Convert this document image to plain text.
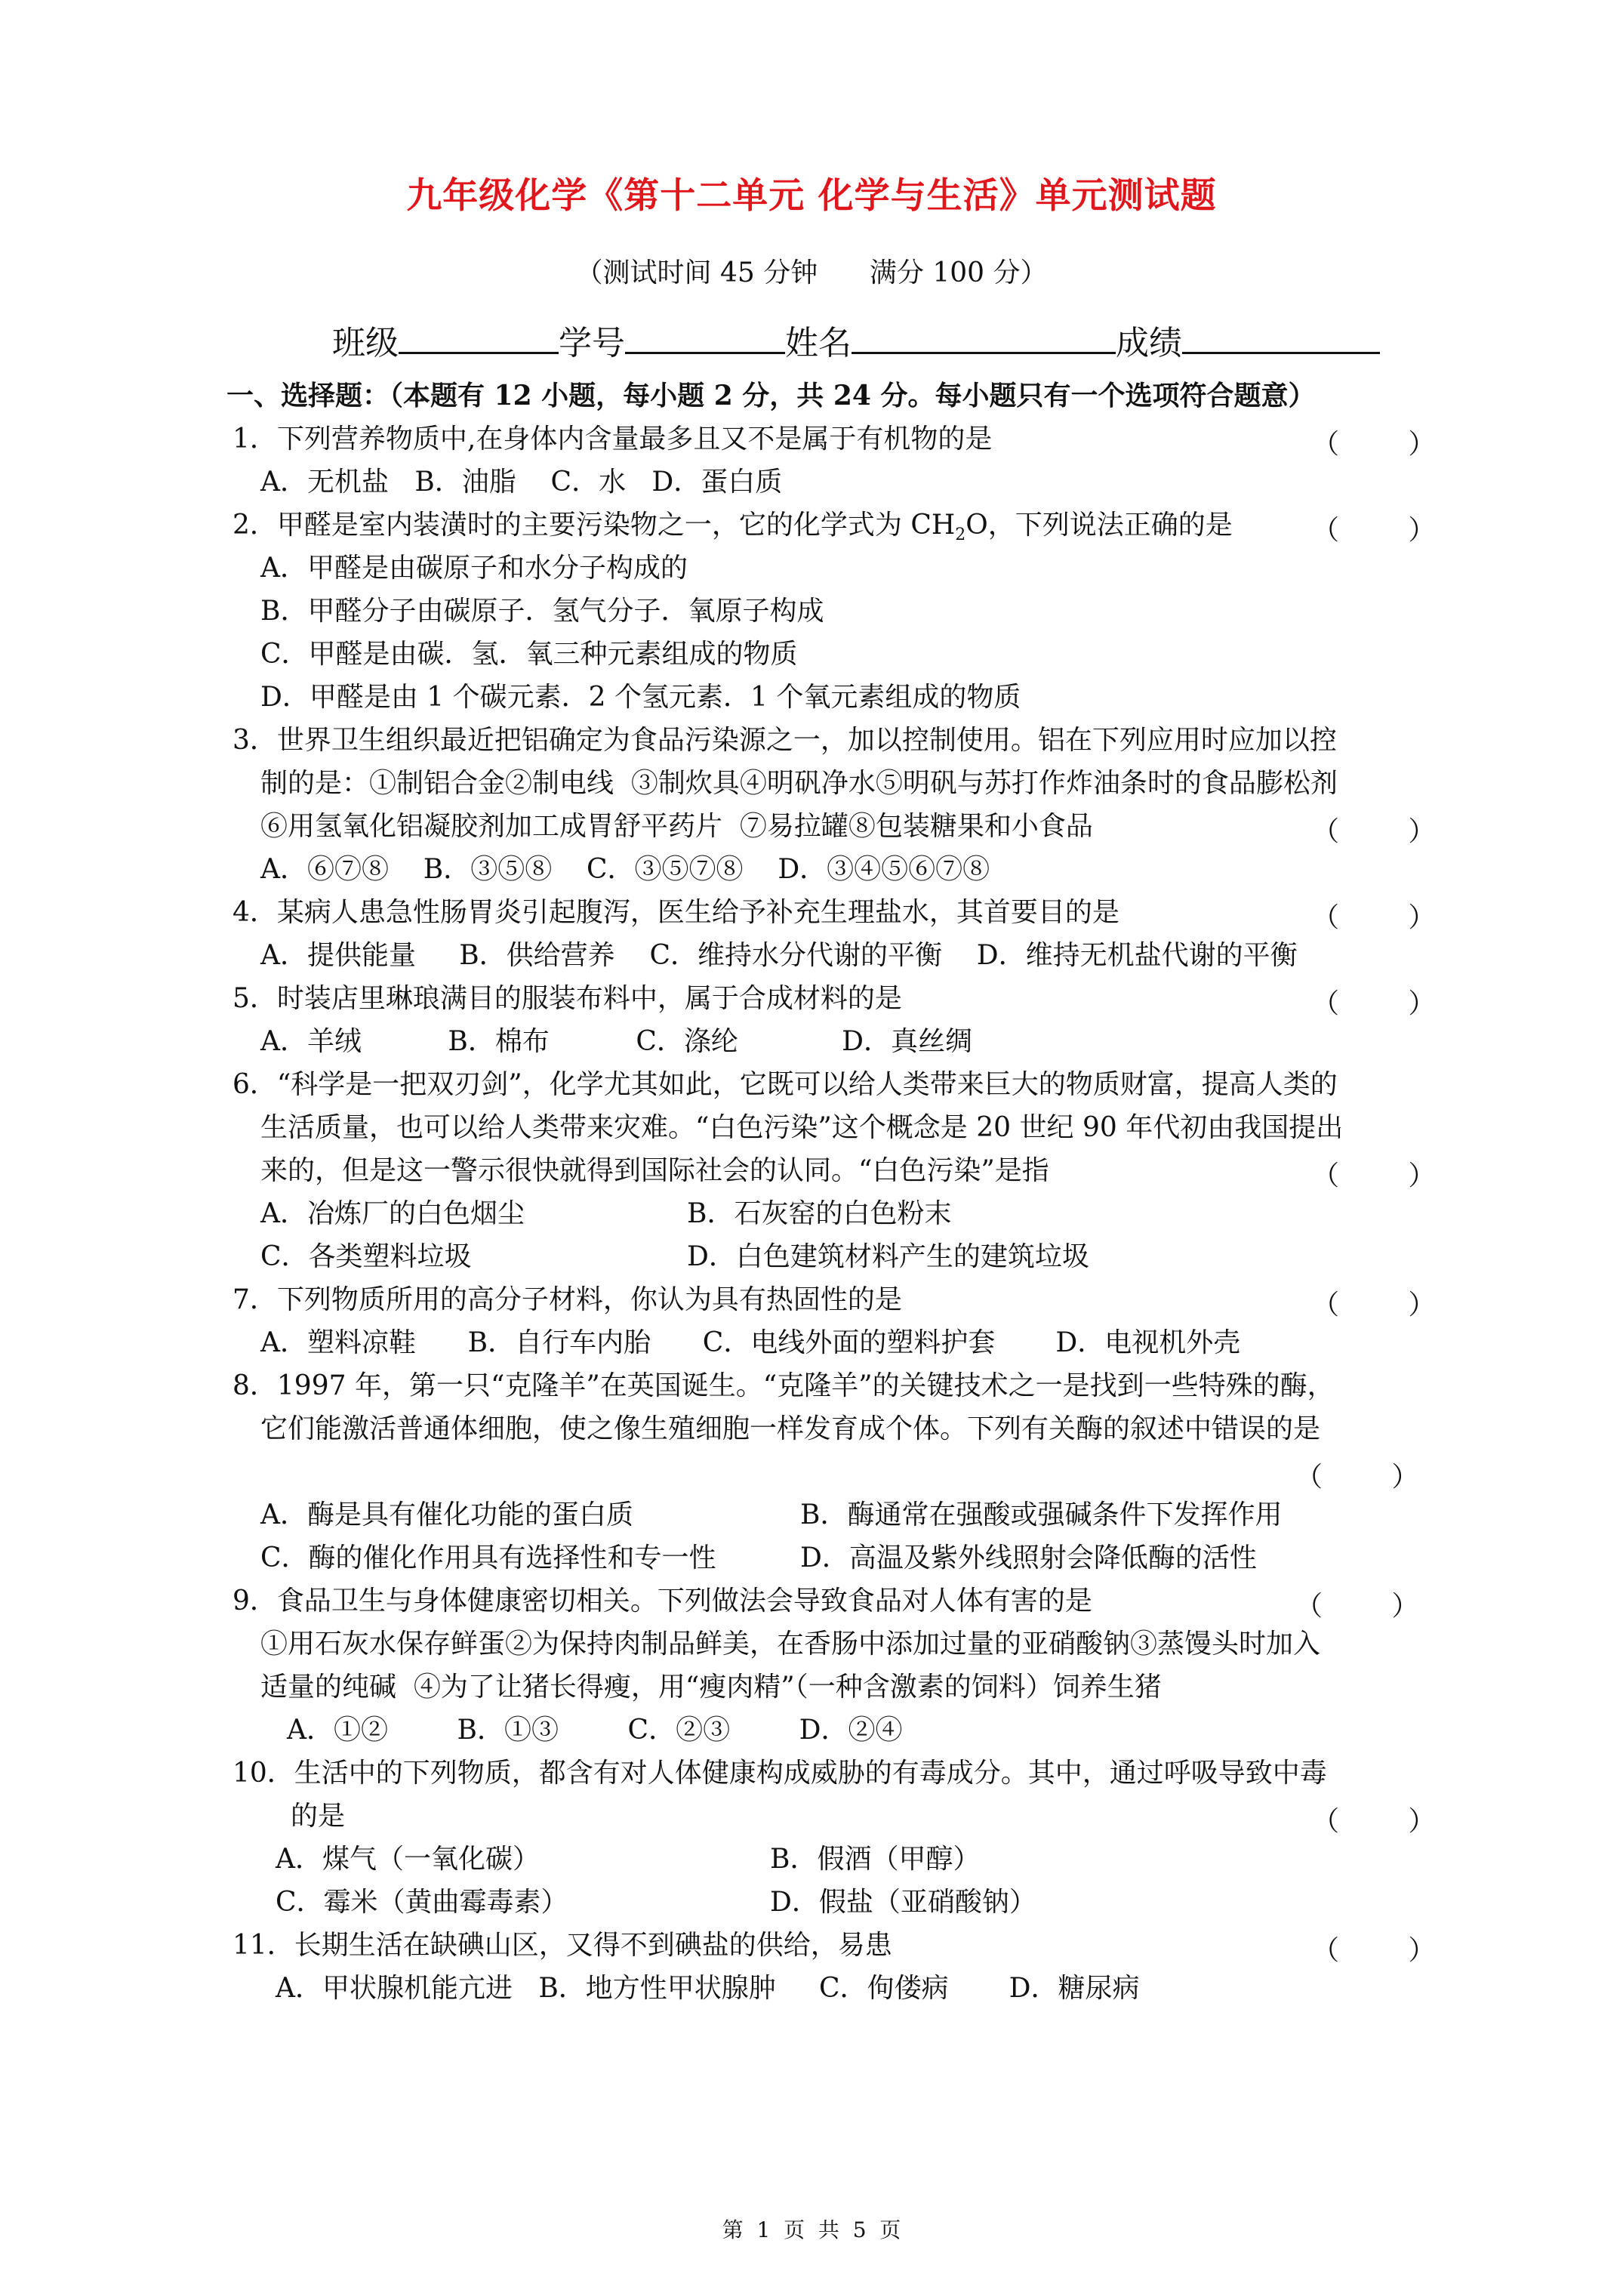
九年级化学《第十二单元 化学与生活》单元测试题
（测试时间 45 分钟      满分 100 分）
班级	学号	姓名	成绩
一、选择题：（本题有 12 小题，每小题 2 分，共 24 分。每小题只有一个选项符合题意）
1．下列营养物质中,在身体内含量最多且又不是属于有机物的是	（        ）
A．无机盐   B．油脂    C．水   D．蛋白质
2．甲醛是室内装潢时的主要污染物之一，它的化学式为 $CH_2O$，下列说法正确的是	（        ）
A．甲醛是由碳原子和水分子构成的
B．甲醛分子由碳原子．氢气分子．氧原子构成
C．甲醛是由碳．氢．氧三种元素组成的物质
D．甲醛是由 1 个碳元素．2 个氢元素．1 个氧元素组成的物质
3．世界卫生组织最近把铝确定为食品污染源之一，加以控制使用。铝在下列应用时应加以控
制的是：①制铝合金②制电线  ③制炊具④明矾净水⑤明矾与苏打作炸油条时的食品膨松剂
⑥用氢氧化铝凝胶剂加工成胃舒平药片  ⑦易拉罐⑧包装糖果和小食品	（        ）
A．⑥⑦⑧    B．③⑤⑧    C．③⑤⑦⑧    D．③④⑤⑥⑦⑧
4．某病人患急性肠胃炎引起腹泻，医生给予补充生理盐水，其首要目的是	（        ）
A．提供能量     B．供给营养    C．维持水分代谢的平衡    D．维持无机盐代谢的平衡
5．时装店里琳琅满目的服装布料中，属于合成材料的是	（        ）
A．羊绒          B．棉布          C．涤纶            D．真丝绸
6．“科学是一把双刃剑”，化学尤其如此，它既可以给人类带来巨大的物质财富，提高人类的
生活质量，也可以给人类带来灾难。“白色污染”这个概念是 20 世纪 90 年代初由我国提出
来的，但是这一警示很快就得到国际社会的认同。“白色污染”是指	（        ）
A．冶炼厂的白色烟尘	B．石灰窑的白色粉末
C．各类塑料垃圾	D．白色建筑材料产生的建筑垃圾
7．下列物质所用的高分子材料，你认为具有热固性的是	（        ）
A．塑料凉鞋      B．自行车内胎      C．电线外面的塑料护套       D．电视机外壳
8．1997 年，第一只“克隆羊”在英国诞生。“克隆羊”的关键技术之一是找到一些特殊的酶，
它们能激活普通体细胞，使之像生殖细胞一样发育成个体。下列有关酶的叙述中错误的是
（        ）
A．酶是具有催化功能的蛋白质	B．酶通常在强酸或强碱条件下发挥作用
C．酶的催化作用具有选择性和专一性	D．高温及紫外线照射会降低酶的活性
9．食品卫生与身体健康密切相关。下列做法会导致食品对人体有害的是	（        ）
①用石灰水保存鲜蛋②为保持肉制品鲜美，在香肠中添加过量的亚硝酸钠③蒸馒头时加入
适量的纯碱  ④为了让猪长得瘦，用“瘦肉精”（一种含激素的饲料）饲养生猪
A．①②        B．①③        C．②③        D．②④
10．生活中的下列物质，都含有对人体健康构成威胁的有毒成分。其中，通过呼吸导致中毒
的是	（        ）
A．煤气（一氧化碳）	B．假酒（甲醇）
C．霉米（黄曲霉毒素）	D．假盐（亚硝酸钠）
11．长期生活在缺碘山区，又得不到碘盐的供给，易患	（        ）
A．甲状腺机能亢进   B．地方性甲状腺肿     C．佝偻病       D．糖尿病
第  1  页  共  5  页
